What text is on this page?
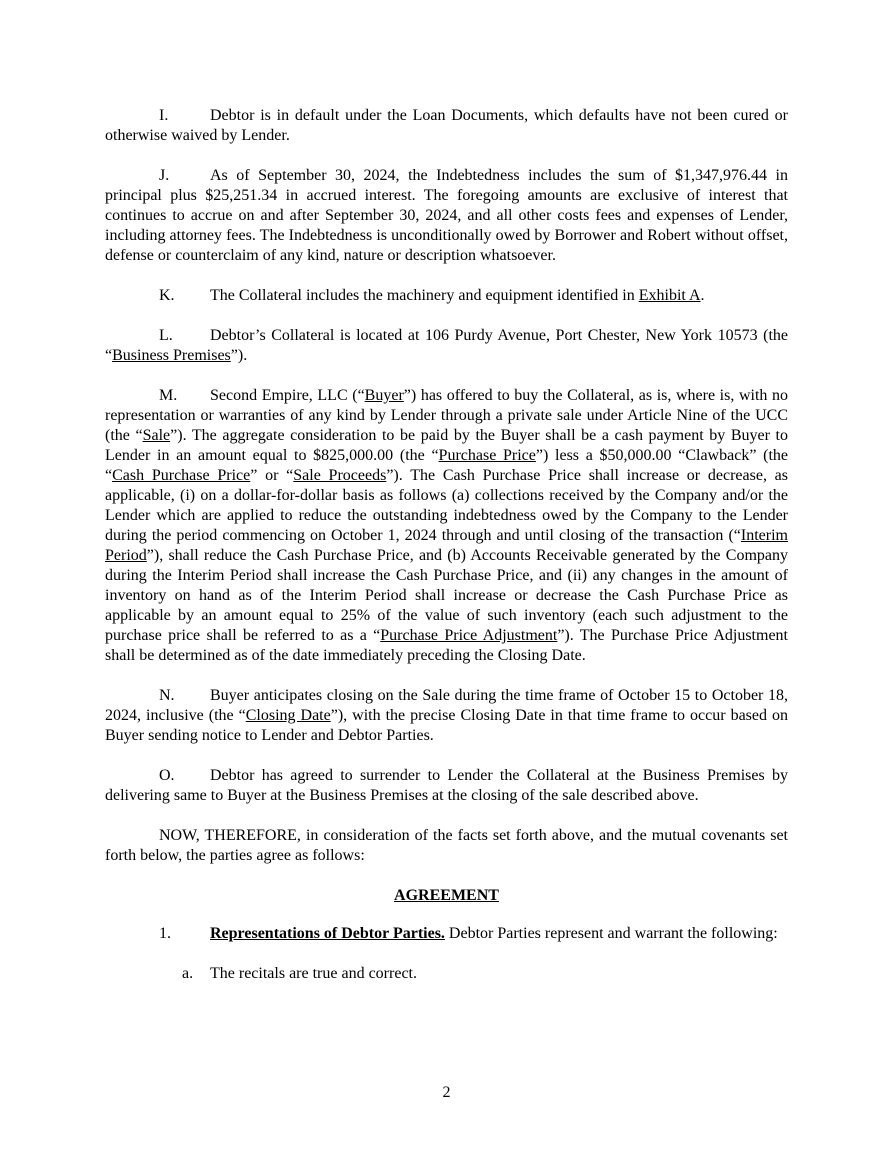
I.	Debtor is in default under the Loan Documents, which defaults have not been cured or otherwise waived by Lender.

J.	As of September 30, 2024, the Indebtedness includes the sum of $1,347,976.44 in principal plus $25,251.34 in accrued interest. The foregoing amounts are exclusive of interest that continues to accrue on and after September 30, 2024, and all other costs fees and expenses of Lender, including attorney fees. The Indebtedness is unconditionally owed by Borrower and Robert without offset, defense or counterclaim of any kind, nature or description whatsoever.

K. The Collateral includes the machinery and equipment identified in Exhibit A.

L. Debtor’s Collateral is located at 106 Purdy Avenue, Port Chester, New York 10573 (the “Business Premises”).

M. Second Empire, LLC (“Buyer”) has offered to buy the Collateral, as is, where is, with no representation or warranties of any kind by Lender through a private sale under Article Nine of the UCC (the “Sale”). The aggregate consideration to be paid by the Buyer shall be a cash payment by Buyer to Lender in an amount equal to $825,000.00 (the “Purchase Price”) less a $50,000.00 “Clawback” (the “Cash Purchase Price” or “Sale Proceeds”). The Cash Purchase Price shall increase or decrease, as applicable, (i) on a dollar-for-dollar basis as follows (a) collections received by the Company and/or the Lender which are applied to reduce the outstanding indebtedness owed by the Company to the Lender during the period commencing on October 1, 2024 through and until closing of the transaction (“Interim Period”), shall reduce the Cash Purchase Price, and (b) Accounts Receivable generated by the Company during the Interim Period shall increase the Cash Purchase Price, and (ii) any changes in the amount of inventory on hand as of the Interim Period shall increase or decrease the Cash Purchase Price as applicable by an amount equal to 25% of the value of such inventory (each such adjustment to the purchase price shall be referred to as a “Purchase Price Adjustment”). The Purchase Price Adjustment shall be determined as of the date immediately preceding the Closing Date.

N. Buyer anticipates closing on the Sale during the time frame of October 15 to October 18, 2024, inclusive (the “Closing Date”), with the precise Closing Date in that time frame to occur based on Buyer sending notice to Lender and Debtor Parties.

O. Debtor has agreed to surrender to Lender the Collateral at the Business Premises by delivering same to Buyer at the Business Premises at the closing of the sale described above.

NOW, THEREFORE, in consideration of the facts set forth above, and the mutual covenants set forth below, the parties agree as follows:

AGREEMENT

1. Representations of Debtor Parties. Debtor Parties represent and warrant the following:

a. The recitals are true and correct.

2
